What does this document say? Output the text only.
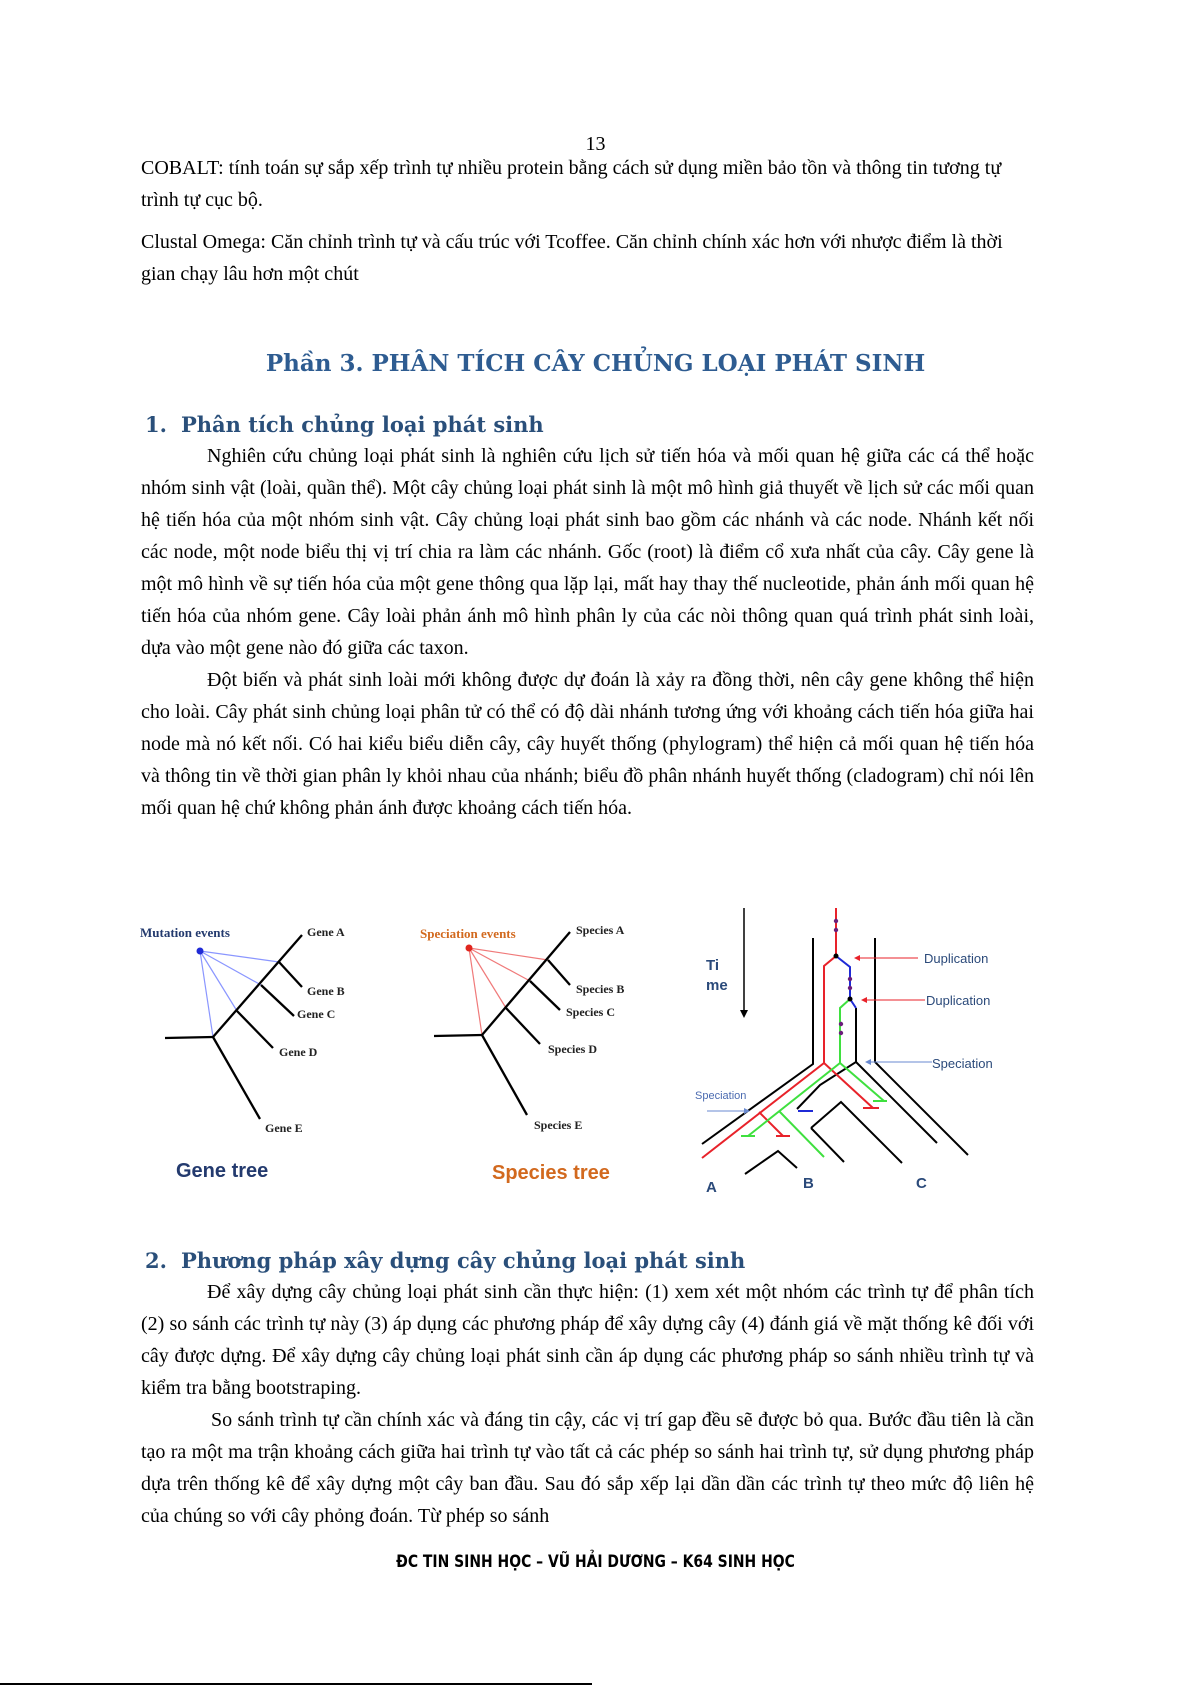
13

COBALT: tính toán sự sắp xếp trình tự nhiều protein bằng cách sử dụng miền bảo tồn và thông tin tương tự trình tự cục bộ.

Clustal Omega: Căn chỉnh trình tự và cấu trúc với Tcoffee. Căn chỉnh chính xác hơn với nhược điểm là thời gian chạy lâu hơn một chút

Phần 3. PHÂN TÍCH CÂY CHỦNG LOẠI PHÁT SINH
1. Phân tích chủng loại phát sinh

Nghiên cứu chủng loại phát sinh là nghiên cứu lịch sử tiến hóa và mối quan hệ giữa các cá thể hoặc nhóm sinh vật (loài, quần thể). Một cây chủng loại phát sinh là một mô hình giả thuyết về lịch sử các mối quan hệ tiến hóa của một nhóm sinh vật. Cây chủng loại phát sinh bao gồm các nhánh và các node. Nhánh kết nối các node, một node biểu thị vị trí chia ra làm các nhánh. Gốc (root) là điểm cổ xưa nhất của cây. Cây gene là một mô hình về sự tiến hóa của một gene thông qua lặp lại, mất hay thay thế nucleotide, phản ánh mối quan hệ tiến hóa của nhóm gene. Cây loài phản ánh mô hình phân ly của các nòi thông quan quá trình phát sinh loài, dựa vào một gene nào đó giữa các taxon.

Đột biến và phát sinh loài mới không được dự đoán là xảy ra đồng thời, nên cây gene không thể hiện cho loài. Cây phát sinh chủng loại phân tử có thể có độ dài nhánh tương ứng với khoảng cách tiến hóa giữa hai node mà nó kết nối. Có hai kiểu biểu diễn cây, cây huyết thống (phylogram) thể hiện cả mối quan hệ tiến hóa và thông tin về thời gian phân ly khỏi nhau của nhánh; biểu đồ phân nhánh huyết thống (cladogram) chỉ nói lên mối quan hệ chứ không phản ánh được khoảng cách tiến hóa.

Mutation events	Gene A
Gene B
Gene C
Gene D
Gene E
Gene tree
Speciation events	Species A
Species B
Species C
Species D
Species E
Species tree
Ti
me
Duplication
Duplication
Speciation
Speciation
A	B	C
2. Phương pháp xây dựng cây chủng loại phát sinh

Để xây dựng cây chủng loại phát sinh cần thực hiện: (1) xem xét một nhóm các trình tự để phân tích (2) so sánh các trình tự này (3) áp dụng các phương pháp để xây dựng cây (4) đánh giá về mặt thống kê đối với cây được dựng. Để xây dựng cây chủng loại phát sinh cần áp dụng các phương pháp so sánh nhiều trình tự và kiểm tra bằng bootstraping.

So sánh trình tự cần chính xác và đáng tin cậy, các vị trí gap đều sẽ được bỏ qua. Bước đầu tiên là cần tạo ra một ma trận khoảng cách giữa hai trình tự vào tất cả các phép so sánh hai trình tự, sử dụng phương pháp dựa trên thống kê để xây dựng một cây ban đầu. Sau đó sắp xếp lại dần dần các trình tự theo mức độ liên hệ của chúng so với cây phỏng đoán. Từ phép so sánh

ĐC TIN SINH HỌC – VŨ HẢI DƯƠNG – K64 SINH HỌC
